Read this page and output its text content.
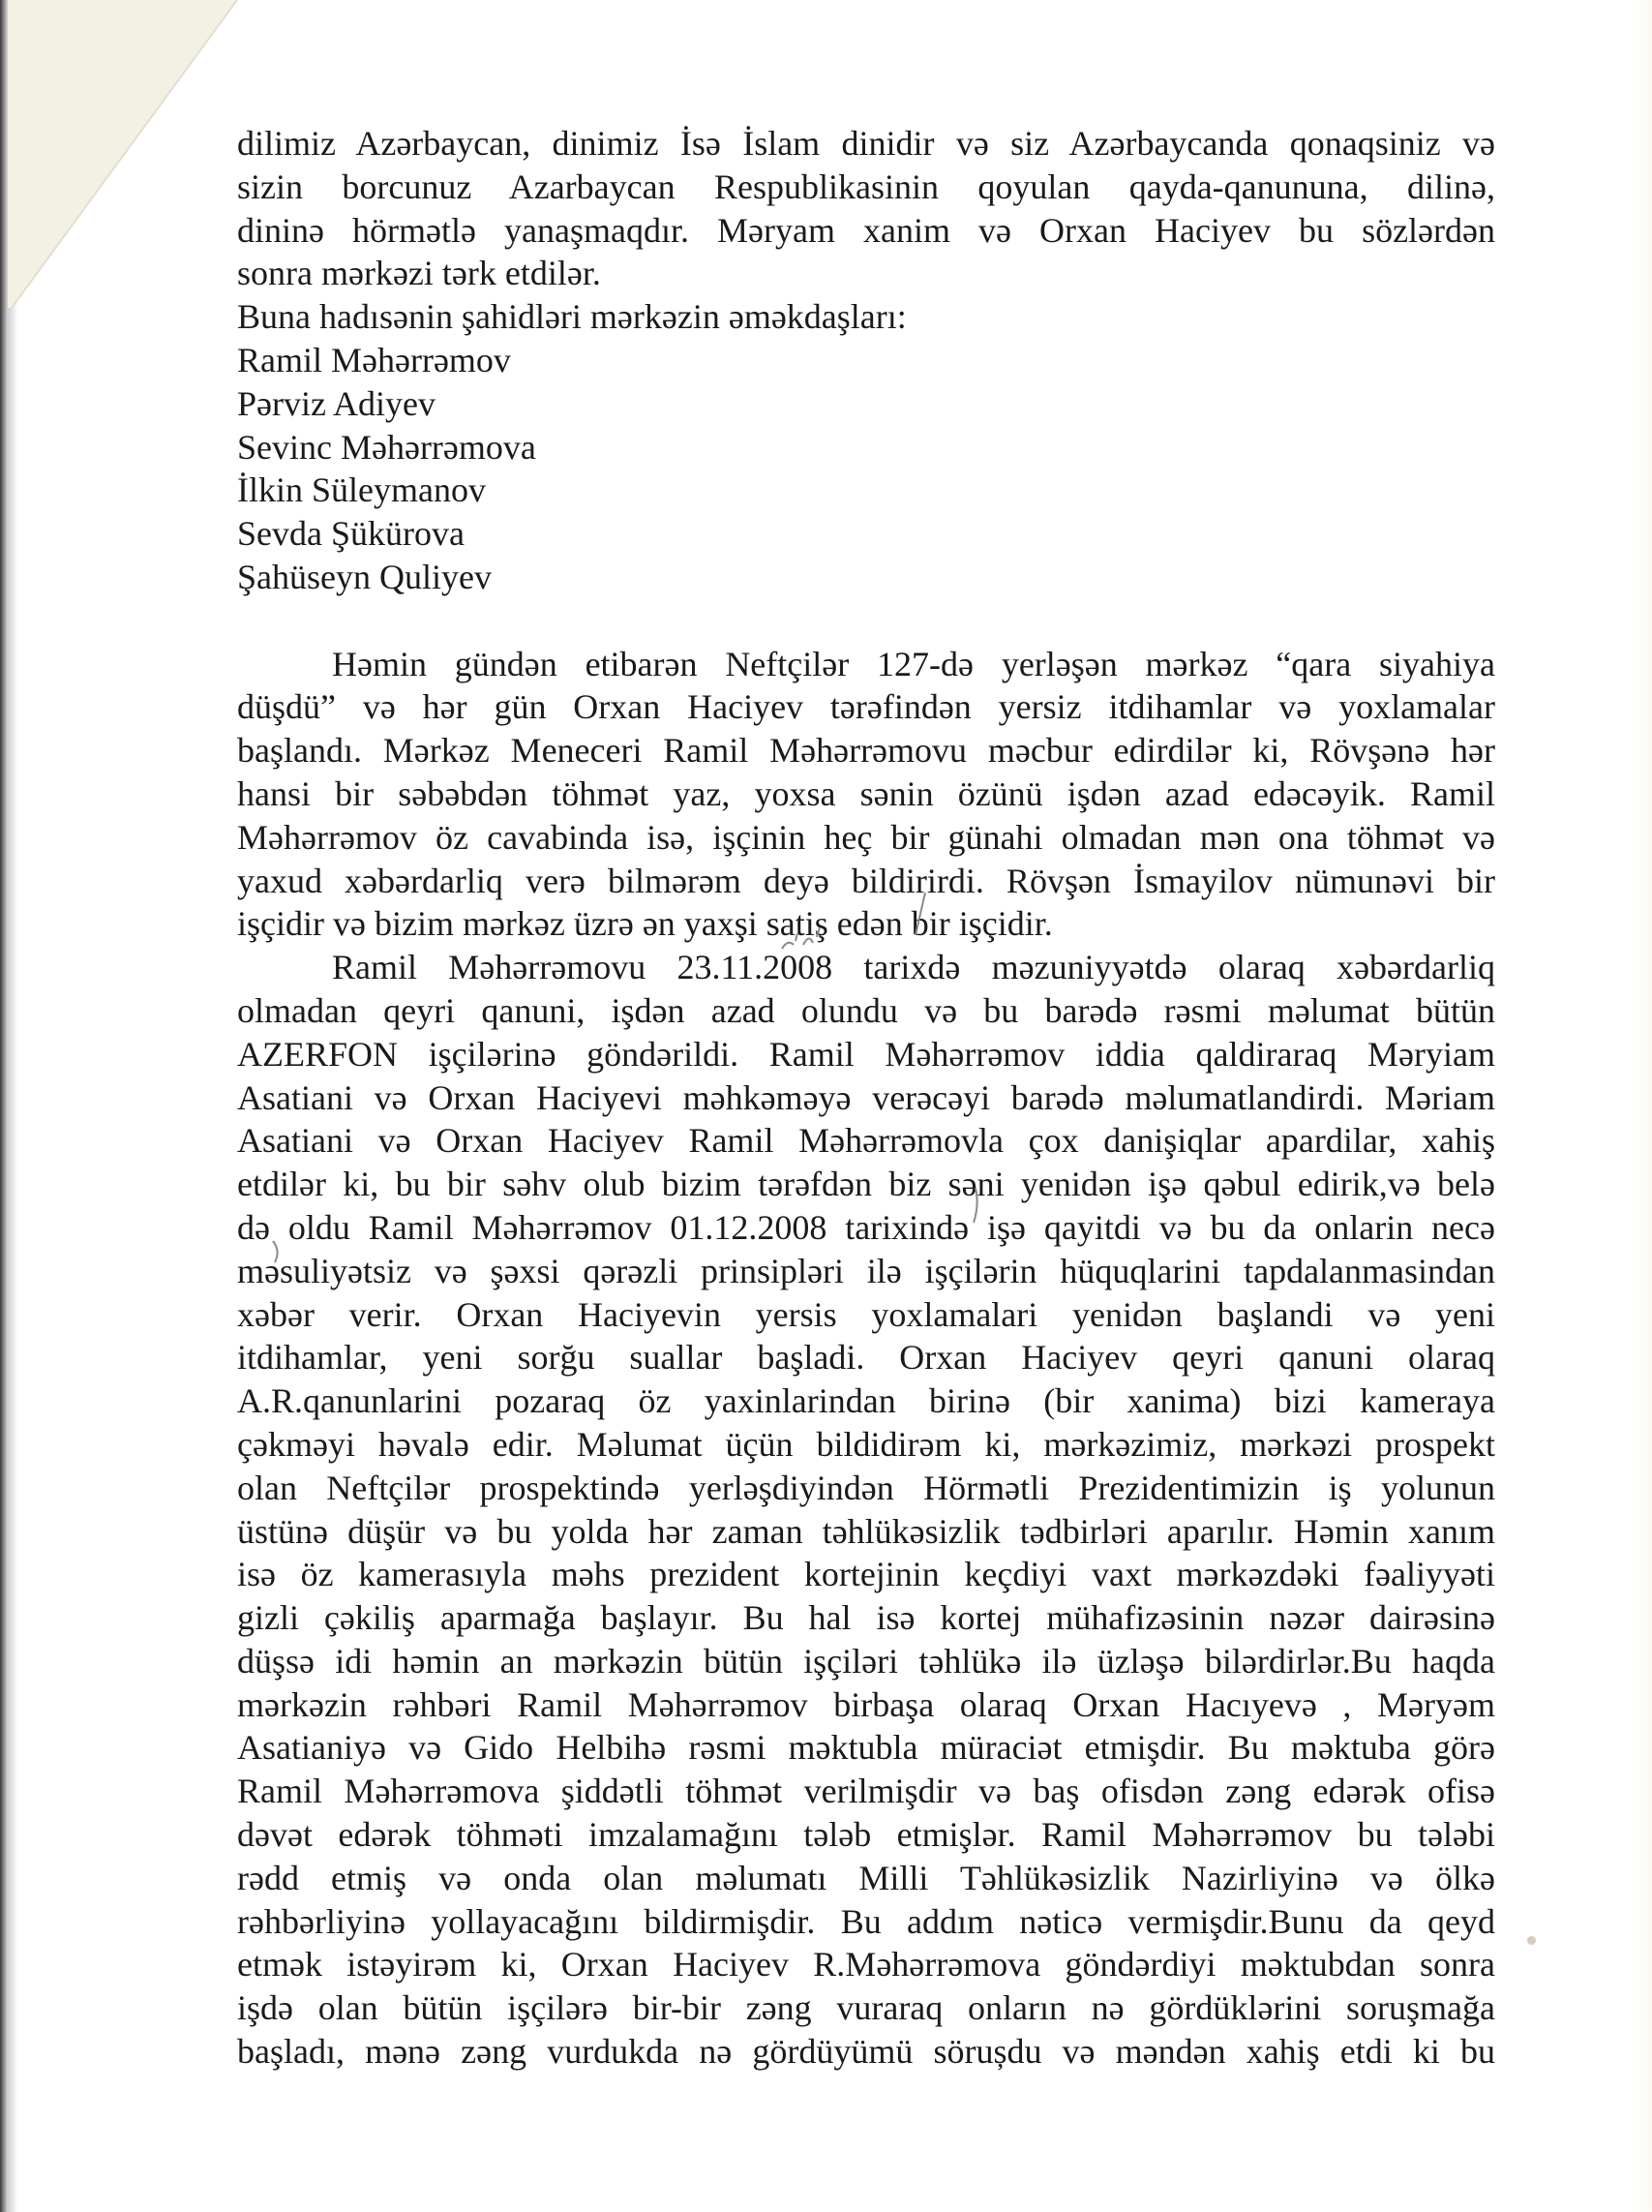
dilimiz Azərbaycan, dinimiz İsə İslam dinidir və siz Azərbaycanda qonaqsiniz və
sizin borcunuz Azarbaycan Respublikasinin qoyulan qayda-qanununa, dilinə,
dininə hörmətlə yanaşmaqdır. Məryam xanim və Orxan Haciyev bu sözlərdən
sonra mərkəzi tərk etdilər.
Buna hadısənin şahidləri mərkəzin əməkdaşları:
Ramil Məhərrəmov
Pərviz Adiyev
Sevinc Məhərrəmova
İlkin Süleymanov
Sevda Şükürova
Şahüseyn Quliyev
Həmin gündən etibarən Neftçilər 127-də yerləşən mərkəz “qara siyahiya
düşdü” və hər gün Orxan Haciyev tərəfindən yersiz itdihamlar və yoxlamalar
başlandı. Mərkəz Meneceri Ramil Məhərrəmovu məcbur edirdilər ki, Rövşənə hər
hansi bir səbəbdən töhmət yaz, yoxsa sənin özünü işdən azad edəcəyik. Ramil
Məhərrəmov öz cavabinda isə, işçinin heç bir günahi olmadan mən ona töhmət və
yaxud xəbərdarliq verə bilmərəm deyə bildirirdi. Rövşən İsmayilov nümunəvi bir
işçidir və bizim mərkəz üzrə ən yaxşi satiş edən bir işçidir.
Ramil Məhərrəmovu 23.11.2008 tarixdə məzuniyyətdə olaraq xəbərdarliq
olmadan qeyri qanuni, işdən azad olundu və bu barədə rəsmi məlumat bütün
AZERFON işçilərinə göndərildi. Ramil Məhərrəmov iddia qaldiraraq Məryiam
Asatiani və Orxan Haciyevi məhkəməyə verəcəyi barədə məlumatlandirdi. Məriam
Asatiani və Orxan Haciyev Ramil Məhərrəmovla çox danişiqlar apardilar, xahiş
etdilər ki, bu bir səhv olub bizim tərəfdən biz səni yenidən işə qəbul edirik,və belə
də oldu Ramil Məhərrəmov 01.12.2008 tarixində işə qayitdi və bu da onlarin necə
məsuliyətsiz və şəxsi qərəzli prinsipləri ilə işçilərin hüquqlarini tapdalanmasindan
xəbər verir. Orxan Haciyevin yersis yoxlamalari yenidən başlandi və yeni
itdihamlar, yeni sorğu suallar başladi. Orxan Haciyev qeyri qanuni olaraq
A.R.qanunlarini pozaraq öz yaxinlarindan birinə (bir xanima) bizi kameraya
çəkməyi həvalə edir. Məlumat üçün bildidirəm ki, mərkəzimiz, mərkəzi prospekt
olan Neftçilər prospektində yerləşdiyindən Hörmətli Prezidentimizin iş yolunun
üstünə düşür və bu yolda hər zaman təhlükəsizlik tədbirləri aparılır. Həmin xanım
isə öz kamerasıyla məhs prezident kortejinin keçdiyi vaxt mərkəzdəki fəaliyyəti
gizli çəkiliş aparmağa başlayır. Bu hal isə kortej mühafizəsinin nəzər dairəsinə
düşsə idi həmin an mərkəzin bütün işçiləri təhlükə ilə üzləşə bilərdirlər.Bu haqda
mərkəzin rəhbəri Ramil Məhərrəmov birbaşa olaraq Orxan Hacıyevə , Məryəm
Asatianiyə və Gido Helbihə rəsmi məktubla müraciət etmişdir. Bu məktuba görə
Ramil Məhərrəmova şiddətli töhmət verilmişdir və baş ofisdən zəng edərək ofisə
dəvət edərək töhməti imzalamağını tələb etmişlər. Ramil Məhərrəmov bu tələbi
rədd etmiş və onda olan məlumatı Milli Təhlükəsizlik Nazirliyinə və ölkə
rəhbərliyinə yollayacağını bildirmişdir. Bu addım nəticə vermişdir.Bunu da qeyd
etmək istəyirəm ki, Orxan Haciyev R.Məhərrəmova göndərdiyi məktubdan sonra
işdə olan bütün işçilərə bir-bir zəng vuraraq onların nə gördüklərini soruşmağa
başladı, mənə zəng vurdukda nə gördüyümü sörușdu və məndən xahiş etdi ki bu
